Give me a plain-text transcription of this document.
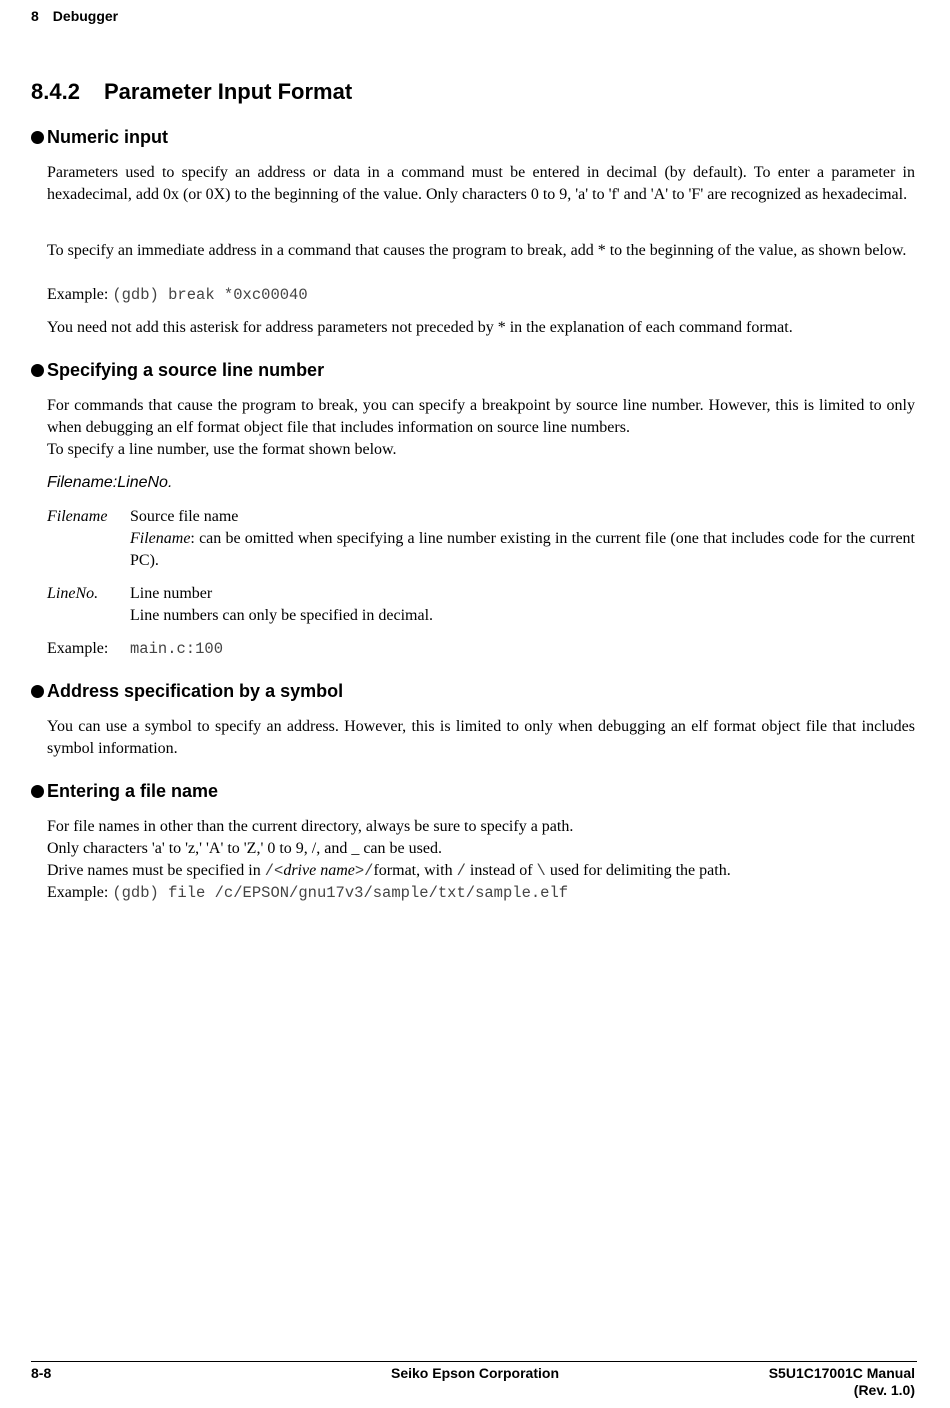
8 Debugger
8.4.2 Parameter Input Format
Numeric input

Parameters used to specify an address or data in a command must be entered in decimal (by default). To enter a parameter in hexadecimal, add 0x (or 0X) to the beginning of the value. Only characters 0 to 9, 'a' to 'f' and 'A' to 'F' are recognized as hexadecimal.

To specify an immediate address in a command that causes the program to break, add * to the beginning of the value, as shown below.

Example: (gdb) break *0xc00040

You need not add this asterisk for address parameters not preceded by * in the explanation of each command format.

Specifying a source line number

For commands that cause the program to break, you can specify a breakpoint by source line number. However, this is limited to only when debugging an elf format object file that includes information on source line numbers.

To specify a line number, use the format shown below.
Filename:LineNo.
Filename Source file name
Filename: can be omitted when specifying a line number existing in the current file (one that includes code for the current PC).
LineNo. Line number
Line numbers can only be specified in decimal.
Example: main.c:100
Address specification by a symbol

You can use a symbol to specify an address. However, this is limited to only when debugging an elf format object file that includes symbol information.

Entering a file name
For file names in other than the current directory, always be sure to specify a path.
Only characters 'a' to 'z,' 'A' to 'Z,' 0 to 9, /, and _ can be used.
Drive names must be specified in /<drive name>/format, with / instead of \ used for delimiting the path.
Example: (gdb) file /c/EPSON/gnu17v3/sample/txt/sample.elf
8-8	Seiko Epson Corporation	S5U1C17001C Manual
(Rev. 1.0)
